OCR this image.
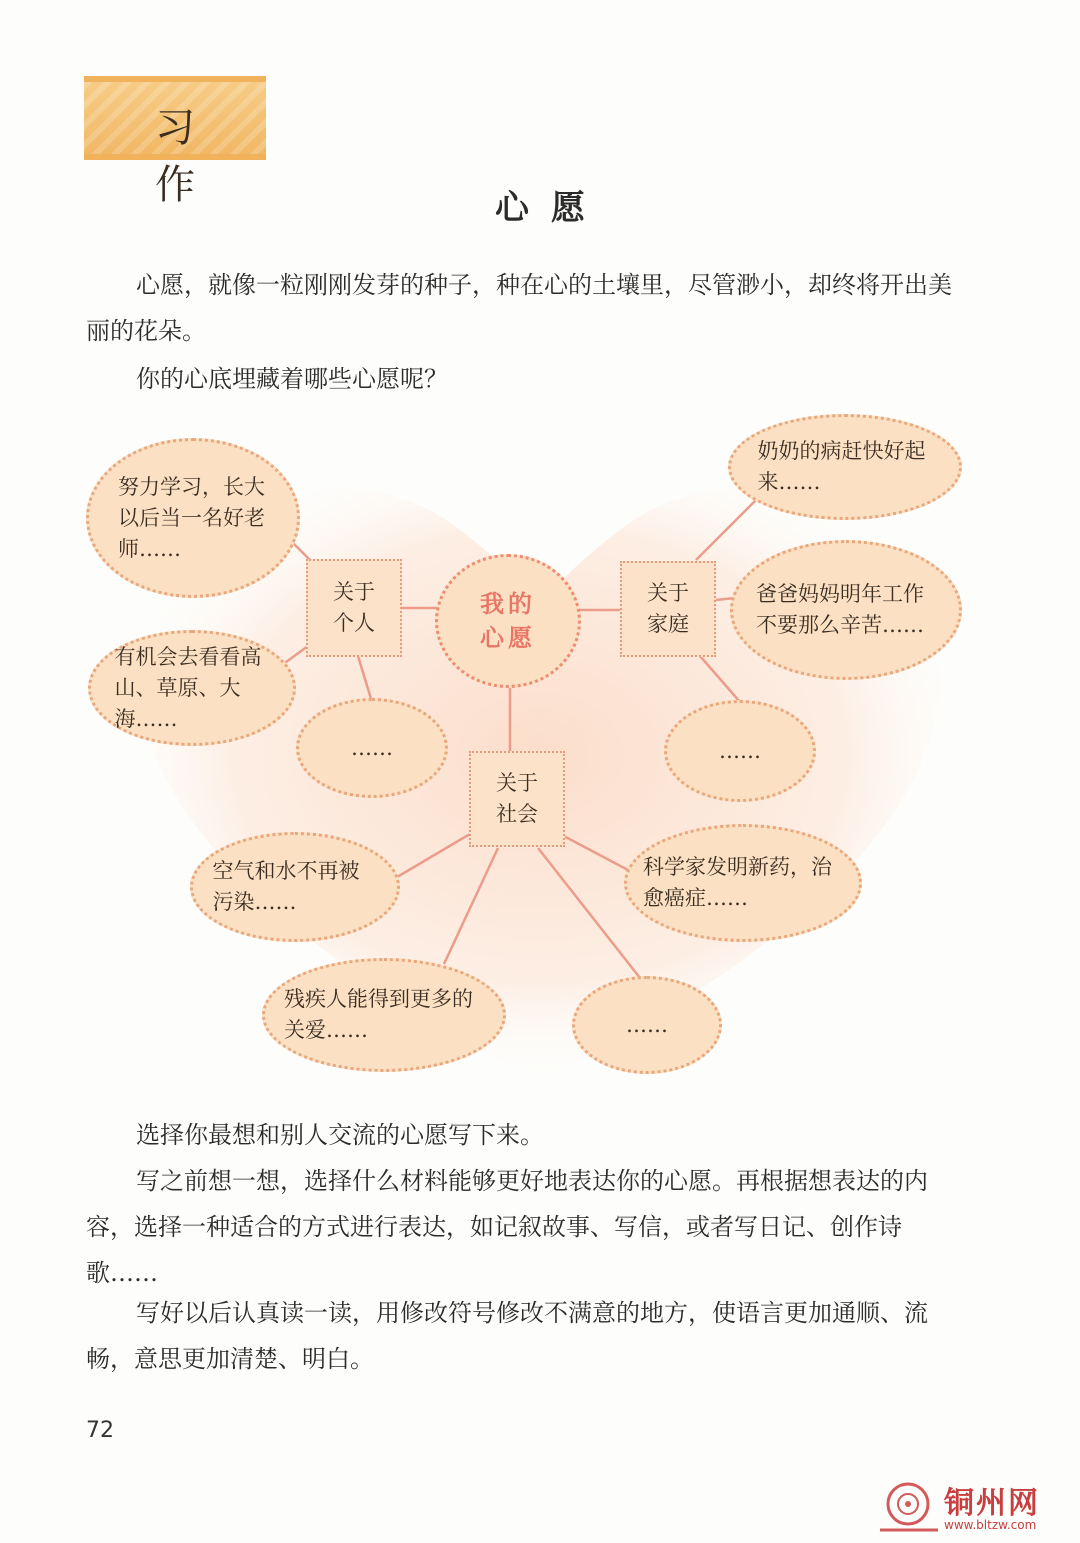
习 作	心愿

心愿，就像一粒刚刚发芽的种子，种在心的土壤里，尽管渺小，却终将开出美丽的花朵。

你的心底埋藏着哪些心愿呢？

我的心愿
关于个人
关于家庭
关于社会
努力学习，长大以后当一名好老师……
有机会去看看高山、草原、大海……
……
奶奶的病赶快好起来……
爸爸妈妈明年工作不要那么辛苦……
……
空气和水不再被污染……
科学家发明新药，治愈癌症……
残疾人能得到更多的关爱……	……

选择你最想和别人交流的心愿写下来。

写之前想一想，选择什么材料能够更好地表达你的心愿。再根据想表达的内容，选择一种适合的方式进行表达，如记叙故事、写信，或者写日记、创作诗歌……

写好以后认真读一读，用修改符号修改不满意的地方，使语言更加通顺、流畅，意思更加清楚、明白。

72
铜州网
www.bltzw.com
